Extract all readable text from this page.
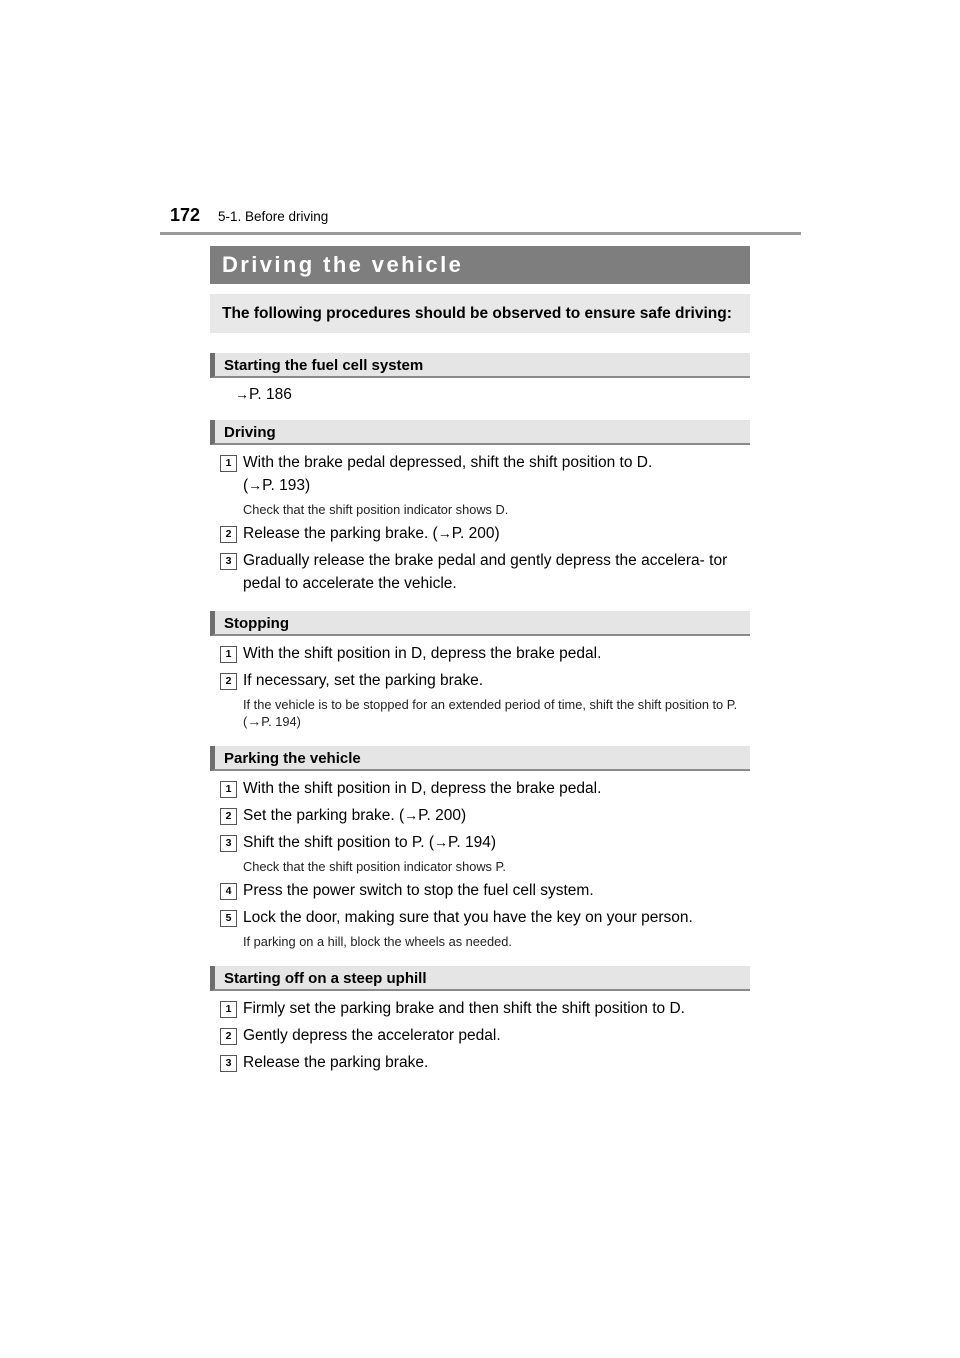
172 5-1. Before driving
Driving the vehicle
The following procedures should be observed to ensure safe driving:
Starting the fuel cell system
→P. 186
Driving
1 With the brake pedal depressed, shift the shift position to D.
(→P. 193)
Check that the shift position indicator shows D.
2 Release the parking brake. (→P. 200)
3 Gradually release the brake pedal and gently depress the accelera- tor pedal to accelerate the vehicle.
Stopping
1 With the shift position in D, depress the brake pedal.
2 If necessary, set the parking brake.
If the vehicle is to be stopped for an extended period of time, shift the shift position to P. (→P. 194)
Parking the vehicle
1 With the shift position in D, depress the brake pedal.
2 Set the parking brake. (→P. 200)
3 Shift the shift position to P. (→P. 194)
Check that the shift position indicator shows P.
4 Press the power switch to stop the fuel cell system.
5 Lock the door, making sure that you have the key on your person.
If parking on a hill, block the wheels as needed.
Starting off on a steep uphill
1 Firmly set the parking brake and then shift the shift position to D.
2 Gently depress the accelerator pedal.
3 Release the parking brake.
